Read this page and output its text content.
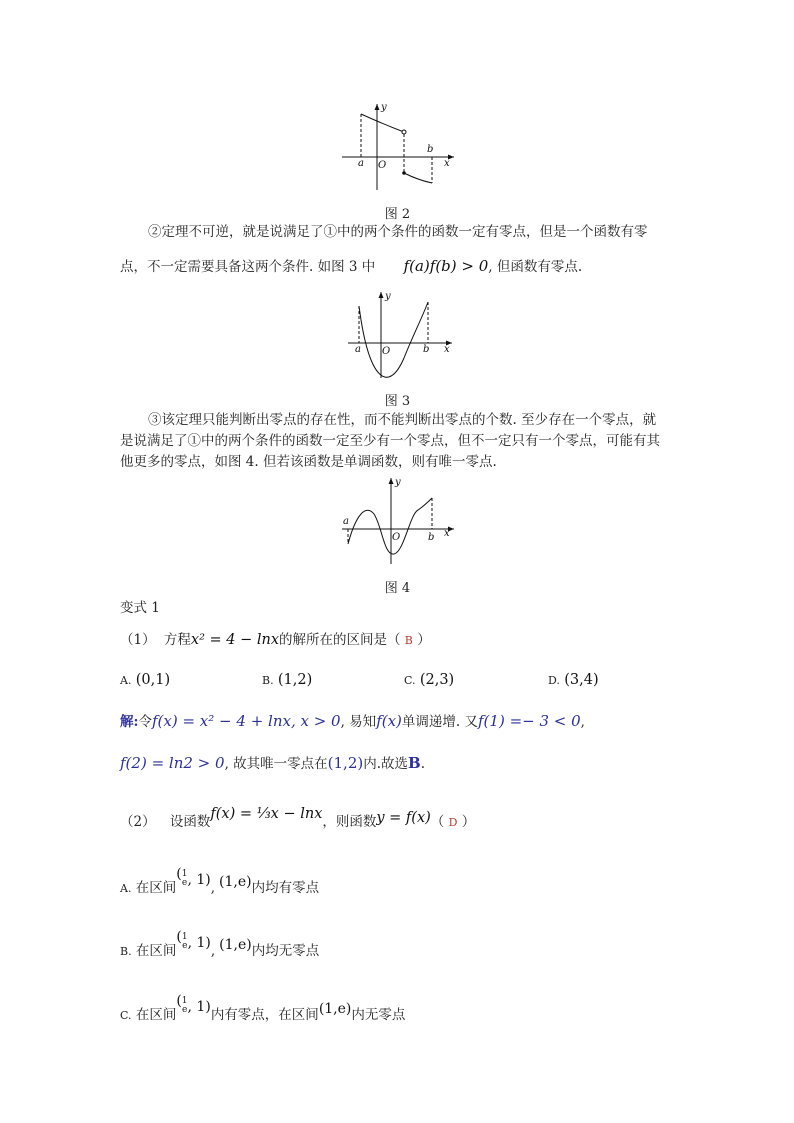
y
x
a
b
O
图 2
②定理不可逆，就是说满足了①中的两个条件的函数一定有零点，但是一个函数有零
点，不一定需要具备这两个条件. 如图 3 中 f(a)f(b) > 0, 但函数有零点.
y
x
a	b
O
图 3
③该定理只能判断出零点的存在性，而不能判断出零点的个数. 至少存在一个零点，就
是说满足了①中的两个条件的函数一定至少有一个零点，但不一定只有一个零点，可能有其
他更多的零点，如图 4. 但若该函数是单调函数，则有唯一零点.
y
x
a
b
O
图 4
变式 1
（1） 方程x² = 4 − lnx的解所在的区间是（ B ）
A. (0,1)	B. (1,2)	C. (2,3)	D. (3,4)
解:令f(x) = x² − 4 + lnx, x > 0, 易知f(x)单调递增. 又f(1) =− 3 < 0,
f(2) = ln2 > 0, 故其唯一零点在(1,2)内.故选B.
（2） 设函数f(x) = ⅓x − lnx，则函数y = f(x)（ D ）
A. 在区间( 1
e , 1), (1,e)内均有零点
B. 在区间( 1
e , 1), (1,e)内均无零点
C. 在区间( 1
e , 1)内有零点，在区间(1,e)内无零点
